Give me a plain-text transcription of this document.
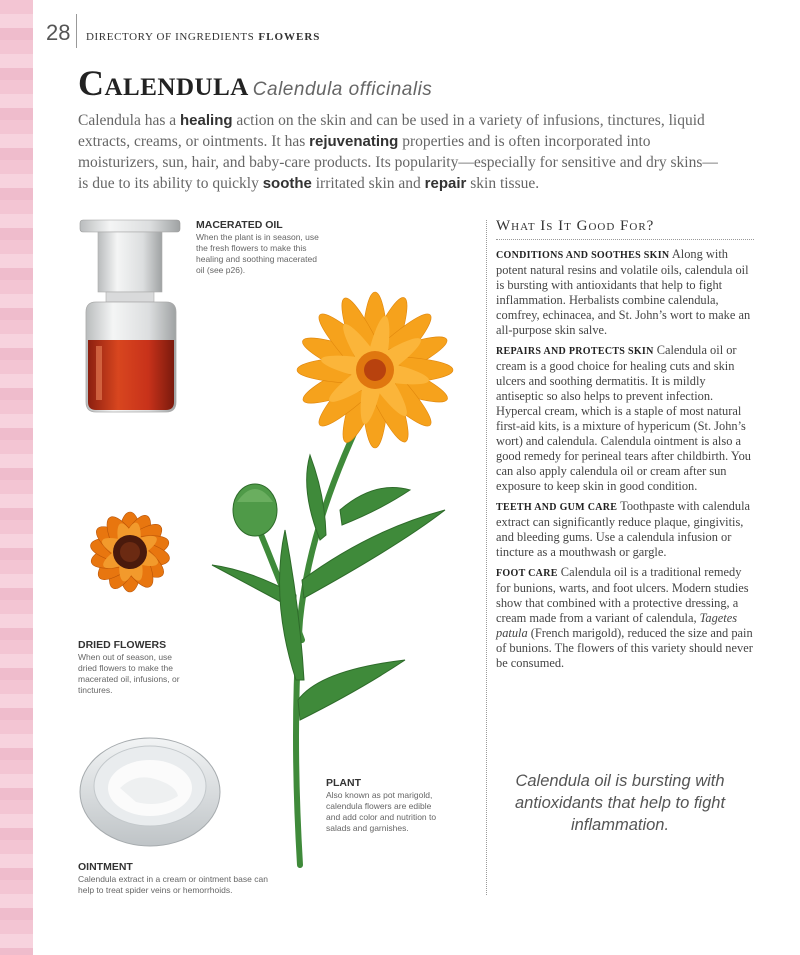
28 DIRECTORY OF INGREDIENTS FLOWERS
Calendula Calendula officinalis

Calendula has a healing action on the skin and can be used in a variety of infusions, tinctures, liquid extracts, creams, or ointments. It has rejuvenating properties and is often incorporated into moisturizers, sun, hair, and baby-care products. Its popularity—especially for sensitive and dry skins—is due to its ability to quickly soothe irritated skin and repair skin tissue.

MACERATED OIL
When the plant is in season, use the fresh flowers to make this healing and soothing macerated oil (see p26).
DRIED FLOWERS
When out of season, use dried flowers to make the macerated oil, infusions, or tinctures.
PLANT
Also known as pot marigold, calendula flowers are edible and add color and nutrition to salads and garnishes.
OINTMENT
Calendula extract in a cream or ointment base can help to treat spider veins or hemorrhoids.
What Is It Good For?

CONDITIONS AND SOOTHES SKIN Along with potent natural resins and volatile oils, calendula oil is bursting with antioxidants that help to fight inflammation. Herbalists combine calendula, comfrey, echinacea, and St. John’s wort to make an all-purpose skin salve.

REPAIRS AND PROTECTS SKIN Calendula oil or cream is a good choice for healing cuts and skin ulcers and soothing dermatitis. It is mildly antiseptic so also helps to prevent infection. Hypercal cream, which is a staple of most natural first-aid kits, is a mixture of hypericum (St. John’s wort) and calendula. Calendula ointment is also a good remedy for perineal tears after childbirth. You can also apply calendula oil or cream after sun exposure to keep skin in good condition.

TEETH AND GUM CARE Toothpaste with calendula extract can significantly reduce plaque, gingivitis, and bleeding gums. Use a calendula infusion or tincture as a mouthwash or gargle.

FOOT CARE Calendula oil is a traditional remedy for bunions, warts, and foot ulcers. Modern studies show that combined with a protective dressing, a cream made from a variant of calendula, Tagetes patula (French marigold), reduced the size and pain of bunions. The flowers of this variety should never be consumed.

Calendula oil is bursting with antioxidants that help to fight inflammation.
